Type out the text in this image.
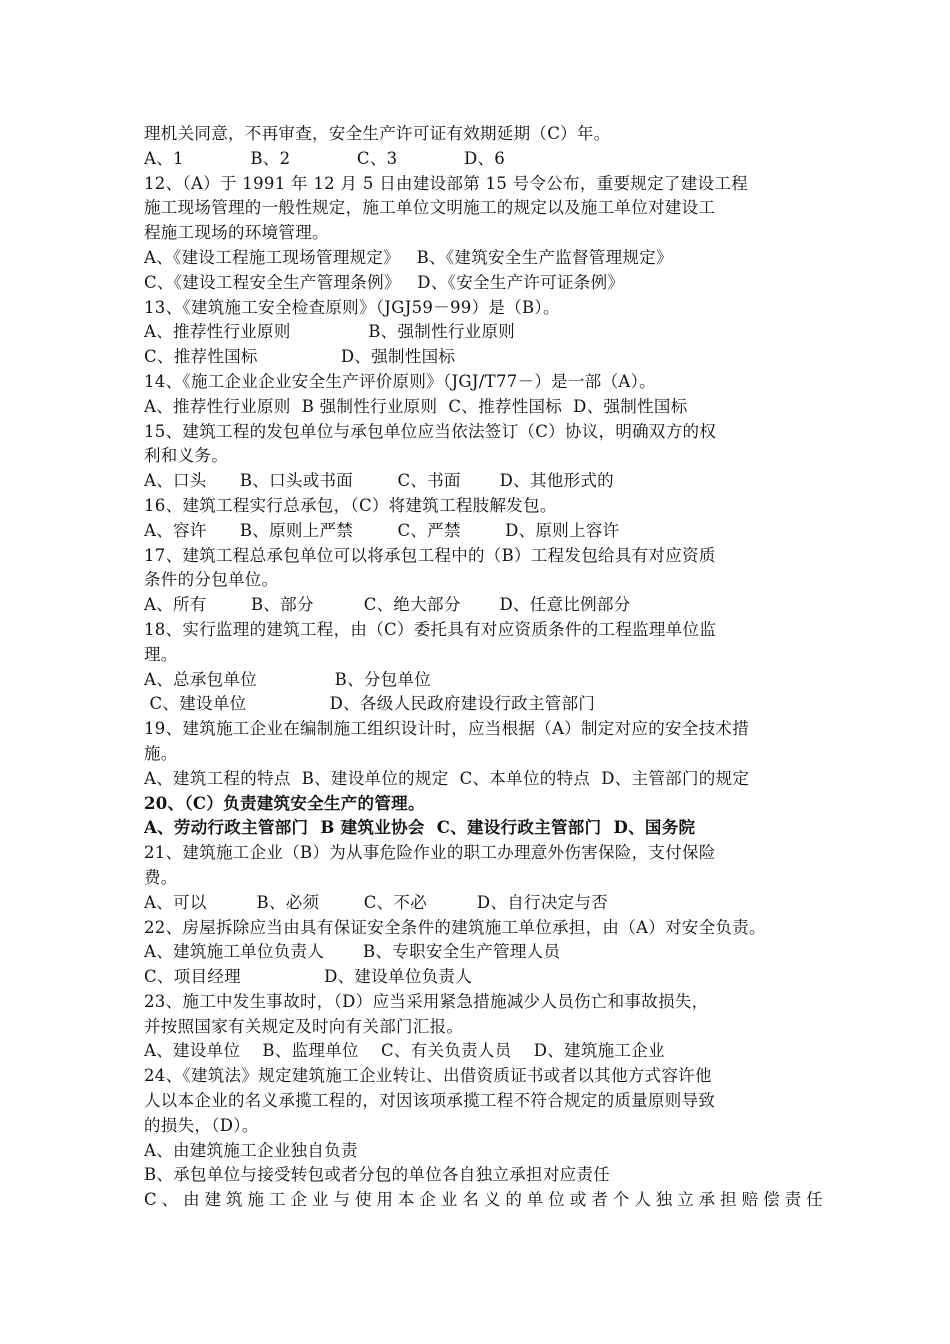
理机关同意，不再审查，安全生产许可证有效期延期（C）年。
A、1            B、2            C、3            D、6
12、（A）于 1991 年 12 月 5 日由建设部第 15 号令公布，重要规定了建设工程
施工现场管理的一般性规定，施工单位文明施工的规定以及施工单位对建设工
程施工现场的环境管理。
A、《建设工程施工现场管理规定》   B、《建筑安全生产监督管理规定》
C、《建设工程安全生产管理条例》   D、《安全生产许可证条例》
13、《建筑施工安全检查原则》（JGJ59－99）是（B）。
A、推荐性行业原则              B、强制性行业原则
C、推荐性国标               D、强制性国标
14、《施工企业企业安全生产评价原则》（JGJ/T77－）是一部（A）。
A、推荐性行业原则  B 强制性行业原则  C、推荐性国标  D、强制性国标
15、建筑工程的发包单位与承包单位应当依法签订（C）协议，明确双方的权
利和义务。
A、口头      B、口头或书面        C、书面       D、其他形式的
16、建筑工程实行总承包，（C）将建筑工程肢解发包。
A、容许      B、原则上严禁        C、严禁        D、原则上容许
17、建筑工程总承包单位可以将承包工程中的（B）工程发包给具有对应资质
条件的分包单位。
A、所有        B、部分         C、绝大部分       D、任意比例部分
18、实行监理的建筑工程，由（C）委托具有对应资质条件的工程监理单位监
理。
A、总承包单位              B、分包单位
C、建设单位               D、各级人民政府建设行政主管部门
19、建筑施工企业在编制施工组织设计时，应当根据（A）制定对应的安全技术措
施。
A、建筑工程的特点  B、建设单位的规定  C、本单位的特点  D、主管部门的规定
20、（C）负责建筑安全生产的管理。
A、劳动行政主管部门  B 建筑业协会  C、建设行政主管部门  D、国务院
21、建筑施工企业（B）为从事危险作业的职工办理意外伤害保险，支付保险
费。
A、可以         B、必须        C、不必         D、自行决定与否
22、房屋拆除应当由具有保证安全条件的建筑施工单位承担，由（A）对安全负责。
A、建筑施工单位负责人       B、专职安全生产管理人员
C、项目经理               D、建设单位负责人
23、施工中发生事故时，（D）应当采用紧急措施减少人员伤亡和事故损失，
并按照国家有关规定及时向有关部门汇报。
A、建设单位    B、监理单位    C、有关负责人员    D、建筑施工企业
24、《建筑法》规定建筑施工企业转让、出借资质证书或者以其他方式容许他
人以本企业的名义承揽工程的，对因该项承揽工程不符合规定的质量原则导致
的损失，（D）。
A、由建筑施工企业独自负责
B、承包单位与接受转包或者分包的单位各自独立承担对应责任
C、由建筑施工企业与使用本企业名义的单位或者个人独立承担赔偿责任
